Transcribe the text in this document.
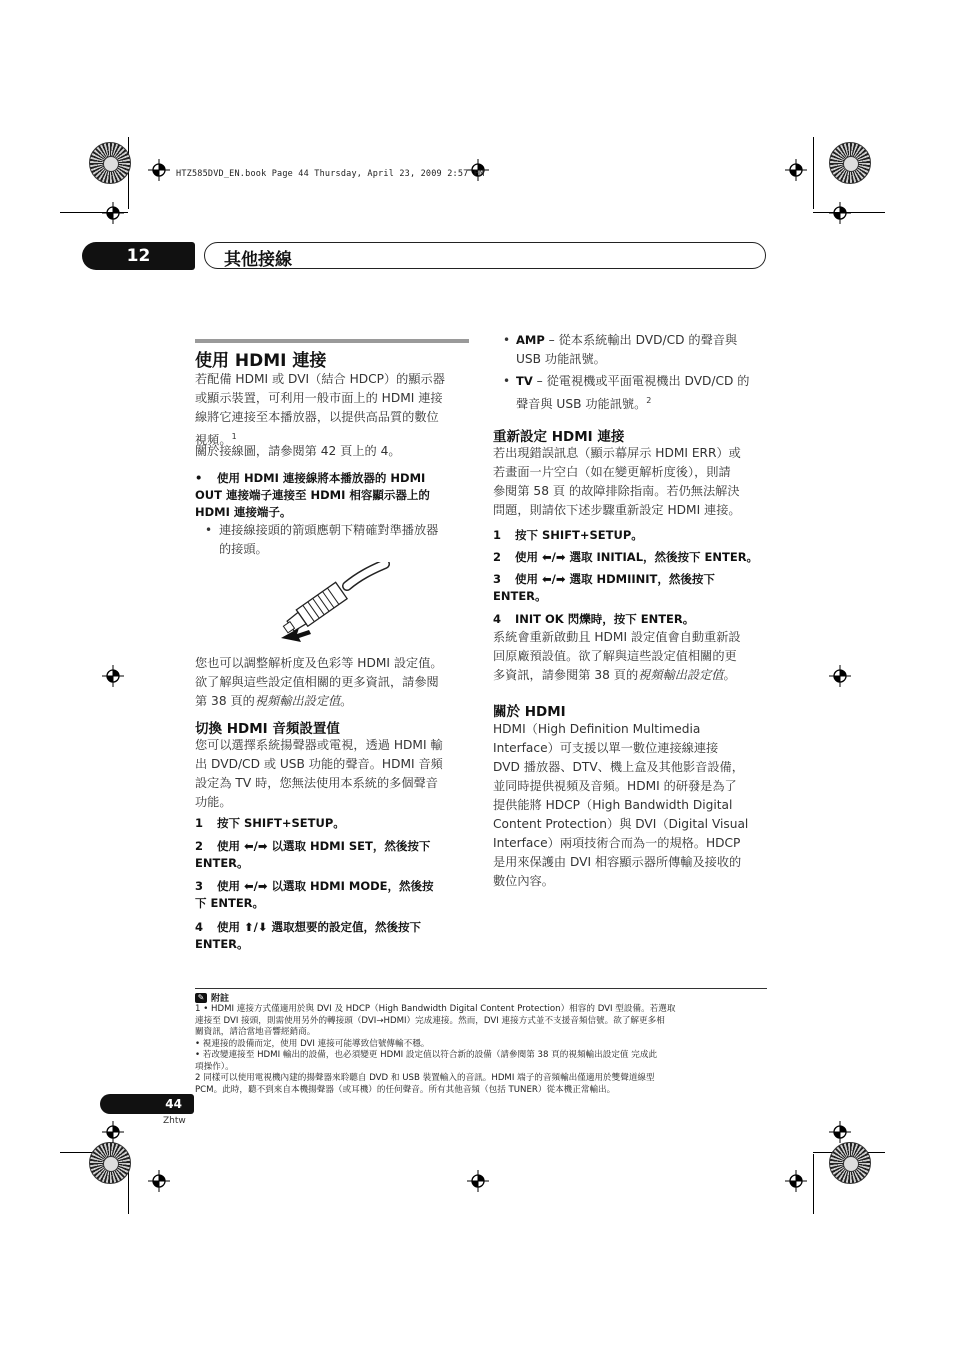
HTZ585DVD_EN.book Page 44 Thursday, April 23, 2009 2:57 PM
12	其他接線
使用 HDMI 連接
若配備 HDMI 或 DVI（結合 HDCP）的顯示器
或顯示裝置，可利用一般市面上的 HDMI 連接
線將它連接至本播放器，以提供高品質的數位
視頻。$^1$
關於接線圖，請參閱第 42 頁上的 4。
• 使用 HDMI 連接線將本播放器的 HDMI
OUT 連接端子連接至 HDMI 相容顯示器上的
HDMI 連接端子。
• 連接線接頭的箭頭應朝下精確對準播放器
的接頭。
您也可以調整解析度及色彩等 HDMI 設定值。
欲了解與這些設定值相關的更多資訊，請參閱
第 38 頁的視頻輸出設定值。
切換 HDMI 音頻設置值
您可以選擇系統揚聲器或電視，透過 HDMI 輸
出 DVD/CD 或 USB 功能的聲音。HDMI 音頻
設定為 TV 時，您無法使用本系統的多個聲音
功能。
1 按下 SHIFT+SETUP。
2 使用 ⬅/➡ 以選取 HDMI SET，然後按下
ENTER。
3 使用 ⬅/➡ 以選取 HDMI MODE，然後按
下 ENTER。
4 使用 ⬆/⬇ 選取想要的設定值，然後按下
ENTER。
• AMP – 從本系統輸出 DVD/CD 的聲音與
USB 功能訊號。
• TV – 從電視機或平面電視機出 DVD/CD 的
聲音與 USB 功能訊號。$^2$
重新設定 HDMI 連接
若出現錯誤訊息（顯示幕屏示 HDMI ERR）或
若畫面一片空白（如在變更解析度後），則請
參閱第 58 頁 的故障排除指南。若仍無法解決
問題，則請依下述步驟重新設定 HDMI 連接。
1 按下 SHIFT+SETUP。
2 使用 ⬅/➡ 選取 INITIAL，然後按下 ENTER。
3 使用 ⬅/➡ 選取 HDMIINIT，然後按下
ENTER。
4 INIT OK 閃爍時，按下 ENTER。
系統會重新啟動且 HDMI 設定值會自動重新設
回原廠預設值。欲了解與這些設定值相關的更
多資訊，請參閱第 38 頁的視頻輸出設定值。
關於 HDMI
HDMI（High Definition Multimedia
Interface）可支援以單一數位連接線連接
DVD 播放器、DTV、機上盒及其他影音設備，
並同時提供視頻及音頻。HDMI 的研發是為了
提供能將 HDCP（High Bandwidth Digital
Content Protection）與 DVI（Digital Visual
Interface）兩項技術合而為一的規格。HDCP
是用來保護由 DVI 相容顯示器所傳輸及接收的
數位內容。
✎ 附註
1 • HDMI 連接方式僅適用於與 DVI 及 HDCP（High Bandwidth Digital Content Protection）相容的 DVI 型設備。若選取
連接至 DVI 接頭，則需使用另外的轉接頭（DVI→HDMI）完成連接。然而，DVI 連接方式並不支援音頻信號。欲了解更多相
關資訊，請洽當地音響經銷商。
• 視連接的設備而定，使用 DVI 連接可能導致信號傳輸不穩。
• 若改變連接至 HDMI 輸出的設備，也必須變更 HDMI 設定值以符合新的設備（請參閱第 38 頁的視頻輸出設定值 完成此
項操作）。
2 同樣可以使用電視機內建的揚聲器來聆聽自 DVD 和 USB 裝置輸入的音訊。HDMI 端子的音頻輸出僅適用於雙聲道線型
PCM。此時，聽不到來自本機揚聲器（或耳機）的任何聲音。所有其他音頻（包括 TUNER）從本機正常輸出。
44
Zhtw
